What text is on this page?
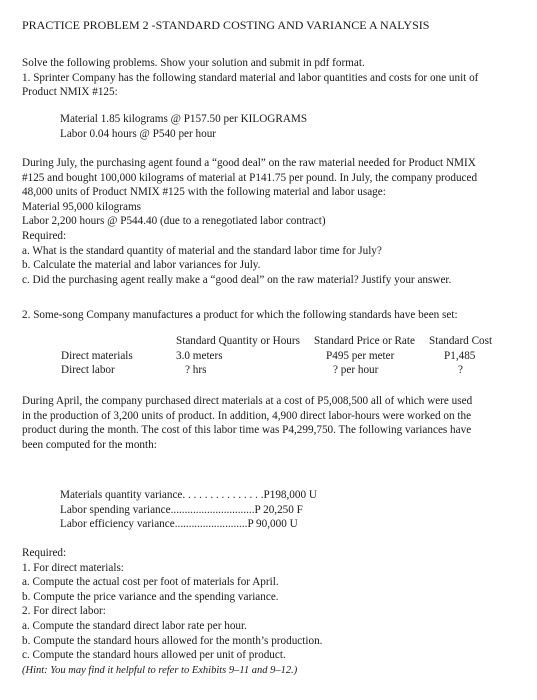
PRACTICE PROBLEM 2 -STANDARD COSTING AND VARIANCE A NALYSIS
Solve the following problems. Show your solution and submit in pdf format.
1. Sprinter Company has the following standard material and labor quantities and costs for one unit of
Product NMIX #125:
Material 1.85 kilograms @ P157.50 per KILOGRAMS
Labor 0.04 hours @ P540 per hour
During July, the purchasing agent found a “good deal” on the raw material needed for Product NMIX
#125 and bought 100,000 kilograms of material at P141.75 per pound. In July, the company produced
48,000 units of Product NMIX #125 with the following material and labor usage:
Material 95,000 kilograms
Labor 2,200 hours @ P544.40 (due to a renegotiated labor contract)
Required:
a. What is the standard quantity of material and the standard labor time for July?
b. Calculate the material and labor variances for July.
c. Did the purchasing agent really make a “good deal” on the raw material? Justify your answer.
2. Some-song Company manufactures a product for which the following standards have been set:
Standard Quantity or Hours Standard Price or Rate Standard Cost
Direct materials	3.0 meters	P495 per meter	P1,485
Direct labor	? hrs	? per hour	?
During April, the company purchased direct materials at a cost of P5,008,500 all of which were used
in the production of 3,200 units of product. In addition, 4,900 direct labor-hours were worked on the
product during the month. The cost of this labor time was P4,299,750. The following variances have
been computed for the month:
Materials quantity variance . . . . . . . . . . . . . . . P198,000 U
Labor spending variance .............................. P 20,250 F
Labor efficiency variance .......................... P 90,000 U
Required:
1. For direct materials:
a. Compute the actual cost per foot of materials for April.
b. Compute the price variance and the spending variance.
2. For direct labor:
a. Compute the standard direct labor rate per hour.
b. Compute the standard hours allowed for the month’s production.
c. Compute the standard hours allowed per unit of product.
(Hint: You may find it helpful to refer to Exhibits 9–11 and 9–12.)
